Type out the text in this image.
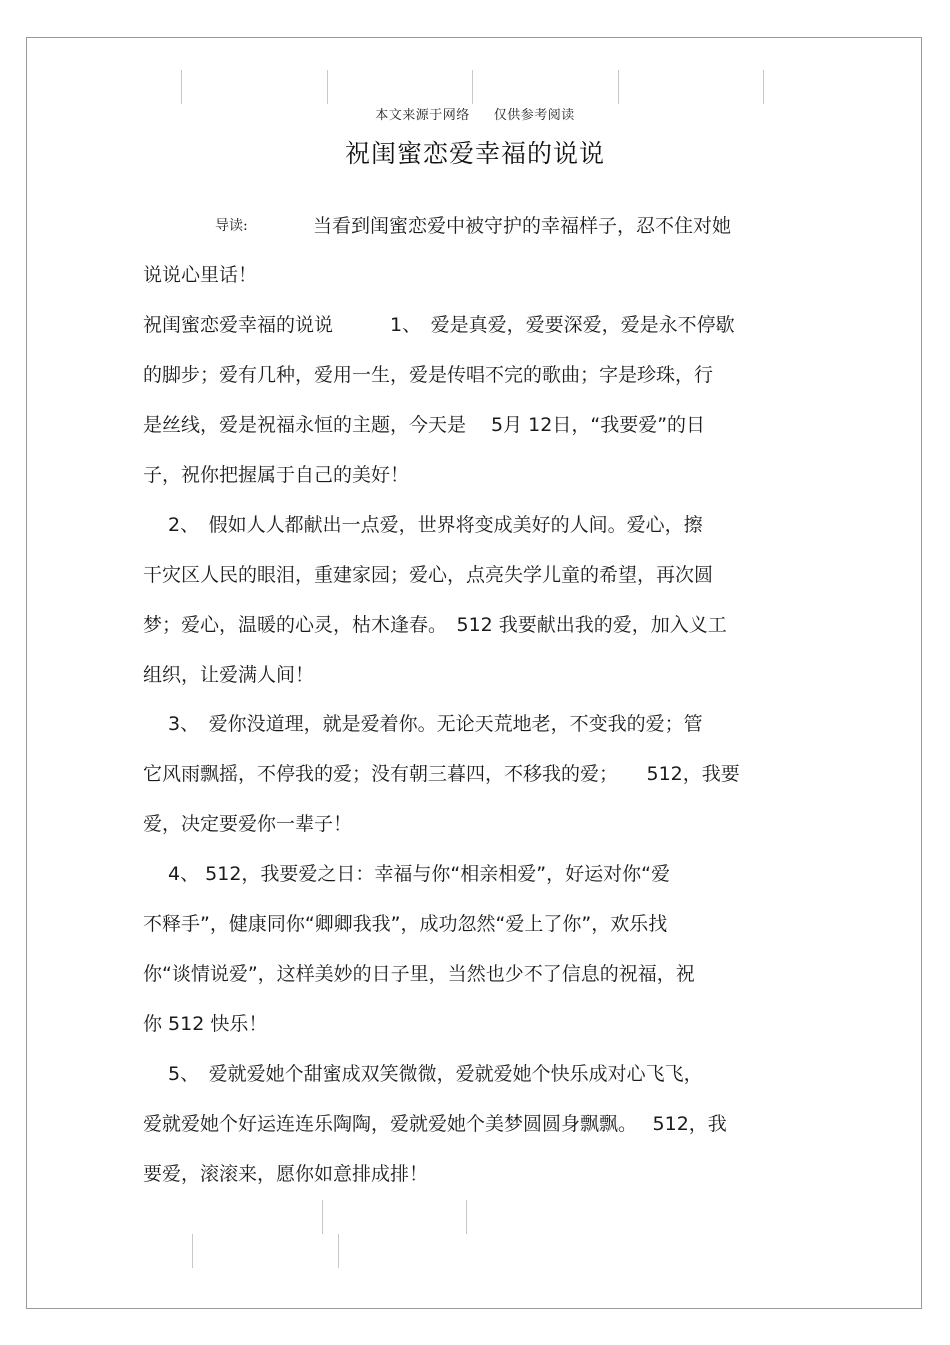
本文来源于网络 仅供参考阅读
祝闺蜜恋爱幸福的说说
导读:	当看到闺蜜恋爱中被守护的幸福样子，忍不住对她
说说心里话！
祝闺蜜恋爱幸福的说说　　　1、　爱是真爱，爱要深爱，爱是永不停歇
的脚步；爱有几种，爱用一生，爱是传唱不完的歌曲；字是珍珠，行
是丝线，爱是祝福永恒的主题，今天是　 5月 12日，“我要爱”的日
子，祝你把握属于自己的美好！
　 2、　假如人人都献出一点爱，世界将变成美好的人间。爱心，擦
干灾区人民的眼泪，重建家园；爱心，点亮失学儿童的希望，再次圆
梦；爱心，温暖的心灵，枯木逢春。　512 我要献出我的爱，加入义工
组织，让爱满人间！
　 3、　爱你没道理，就是爱着你。无论天荒地老，不变我的爱；管
它风雨飘摇，不停我的爱；没有朝三暮四，不移我的爱；　　512，我要
爱，决定要爱你一辈子！
　 4、 512，我要爱之日：幸福与你“相亲相爱”，好运对你“爱
不释手”，健康同你“卿卿我我”，成功忽然“爱上了你”，欢乐找
你“谈情说爱”，这样美妙的日子里，当然也少不了信息的祝福，祝
你 512 快乐！
　 5、　爱就爱她个甜蜜成双笑微微，爱就爱她个快乐成对心飞飞，
爱就爱她个好运连连乐陶陶，爱就爱她个美梦圆圆身飘飘。　 512，我
要爱，滚滚来，愿你如意排成排！
